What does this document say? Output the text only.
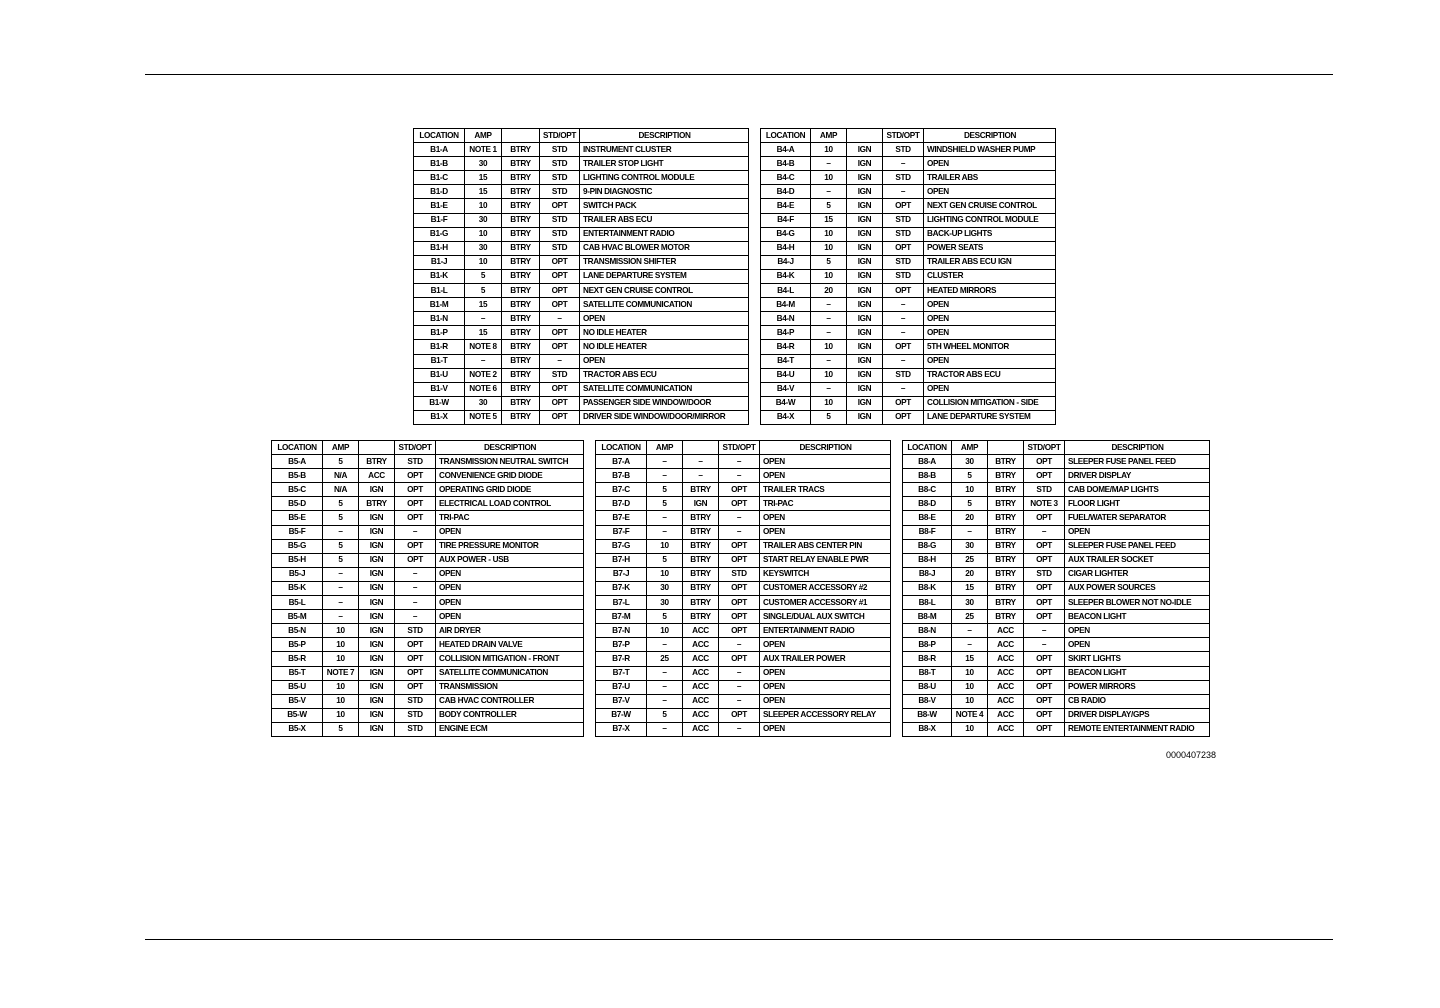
LOCATION	AMP		STD/OPT	DESCRIPTION
B1-A	NOTE 1	BTRY	STD	INSTRUMENT CLUSTER
B1-B	30	BTRY	STD	TRAILER STOP LIGHT
B1-C	15	BTRY	STD	LIGHTING CONTROL MODULE
B1-D	15	BTRY	STD	9-PIN DIAGNOSTIC
B1-E	10	BTRY	OPT	SWITCH PACK
B1-F	30	BTRY	STD	TRAILER ABS ECU
B1-G	10	BTRY	STD	ENTERTAINMENT RADIO
B1-H	30	BTRY	STD	CAB HVAC BLOWER MOTOR
B1-J	10	BTRY	OPT	TRANSMISSION SHIFTER
B1-K	5	BTRY	OPT	LANE DEPARTURE SYSTEM
B1-L	5	BTRY	OPT	NEXT GEN CRUISE CONTROL
B1-M	15	BTRY	OPT	SATELLITE COMMUNICATION
B1-N	–	BTRY	–	OPEN
B1-P	15	BTRY	OPT	NO IDLE HEATER
B1-R	NOTE 8	BTRY	OPT	NO IDLE HEATER
B1-T	–	BTRY	–	OPEN
B1-U	NOTE 2	BTRY	STD	TRACTOR ABS ECU
B1-V	NOTE 6	BTRY	OPT	SATELLITE COMMUNICATION
B1-W	30	BTRY	OPT	PASSENGER SIDE WINDOW/DOOR
B1-X	NOTE 5	BTRY	OPT	DRIVER SIDE WINDOW/DOOR/MIRROR
LOCATION	AMP		STD/OPT	DESCRIPTION
B4-A	10	IGN	STD	WINDSHIELD WASHER PUMP
B4-B	–	IGN	–	OPEN
B4-C	10	IGN	STD	TRAILER ABS
B4-D	–	IGN	–	OPEN
B4-E	5	IGN	OPT	NEXT GEN CRUISE CONTROL
B4-F	15	IGN	STD	LIGHTING CONTROL MODULE
B4-G	10	IGN	STD	BACK-UP LIGHTS
B4-H	10	IGN	OPT	POWER SEATS
B4-J	5	IGN	STD	TRAILER ABS ECU IGN
B4-K	10	IGN	STD	CLUSTER
B4-L	20	IGN	OPT	HEATED MIRRORS
B4-M	–	IGN	–	OPEN
B4-N	–	IGN	–	OPEN
B4-P	–	IGN	–	OPEN
B4-R	10	IGN	OPT	5TH WHEEL MONITOR
B4-T	–	IGN	–	OPEN
B4-U	10	IGN	STD	TRACTOR ABS ECU
B4-V	–	IGN	–	OPEN
B4-W	10	IGN	OPT	COLLISION MITIGATION - SIDE
B4-X	5	IGN	OPT	LANE DEPARTURE SYSTEM
LOCATION	AMP		STD/OPT	DESCRIPTION
B5-A	5	BTRY	STD	TRANSMISSION NEUTRAL SWITCH
B5-B	N/A	ACC	OPT	CONVENIENCE GRID DIODE
B5-C	N/A	IGN	OPT	OPERATING GRID DIODE
B5-D	5	BTRY	OPT	ELECTRICAL LOAD CONTROL
B5-E	5	IGN	OPT	TRI-PAC
B5-F	–	IGN	–	OPEN
B5-G	5	IGN	OPT	TIRE PRESSURE MONITOR
B5-H	5	IGN	OPT	AUX POWER - USB
B5-J	–	IGN	–	OPEN
B5-K	–	IGN	–	OPEN
B5-L	–	IGN	–	OPEN
B5-M	–	IGN	–	OPEN
B5-N	10	IGN	STD	AIR DRYER
B5-P	10	IGN	OPT	HEATED DRAIN VALVE
B5-R	10	IGN	OPT	COLLISION MITIGATION - FRONT
B5-T	NOTE 7	IGN	OPT	SATELLITE COMMUNICATION
B5-U	10	IGN	OPT	TRANSMISSION
B5-V	10	IGN	STD	CAB HVAC CONTROLLER
B5-W	10	IGN	STD	BODY CONTROLLER
B5-X	5	IGN	STD	ENGINE ECM
LOCATION	AMP		STD/OPT	DESCRIPTION
B7-A	–	–	–	OPEN
B7-B	–	–	–	OPEN
B7-C	5	BTRY	OPT	TRAILER TRACS
B7-D	5	IGN	OPT	TRI-PAC
B7-E	–	BTRY	–	OPEN
B7-F	–	BTRY	–	OPEN
B7-G	10	BTRY	OPT	TRAILER ABS CENTER PIN
B7-H	5	BTRY	OPT	START RELAY ENABLE PWR
B7-J	10	BTRY	STD	KEYSWITCH
B7-K	30	BTRY	OPT	CUSTOMER ACCESSORY #2
B7-L	30	BTRY	OPT	CUSTOMER ACCESSORY #1
B7-M	5	BTRY	OPT	SINGLE/DUAL AUX SWITCH
B7-N	10	ACC	OPT	ENTERTAINMENT RADIO
B7-P	–	ACC	–	OPEN
B7-R	25	ACC	OPT	AUX TRAILER POWER
B7-T	–	ACC	–	OPEN
B7-U	–	ACC	–	OPEN
B7-V	–	ACC	–	OPEN
B7-W	5	ACC	OPT	SLEEPER ACCESSORY RELAY
B7-X	–	ACC	–	OPEN
LOCATION	AMP		STD/OPT	DESCRIPTION
B8-A	30	BTRY	OPT	SLEEPER FUSE PANEL FEED
B8-B	5	BTRY	OPT	DRIVER DISPLAY
B8-C	10	BTRY	STD	CAB DOME/MAP LIGHTS
B8-D	5	BTRY	NOTE 3	FLOOR LIGHT
B8-E	20	BTRY	OPT	FUEL/WATER SEPARATOR
B8-F	–	BTRY	–	OPEN
B8-G	30	BTRY	OPT	SLEEPER FUSE PANEL FEED
B8-H	25	BTRY	OPT	AUX TRAILER SOCKET
B8-J	20	BTRY	STD	CIGAR LIGHTER
B8-K	15	BTRY	OPT	AUX POWER SOURCES
B8-L	30	BTRY	OPT	SLEEPER BLOWER NOT NO-IDLE
B8-M	25	BTRY	OPT	BEACON LIGHT
B8-N	–	ACC	–	OPEN
B8-P	–	ACC	–	OPEN
B8-R	15	ACC	OPT	SKIRT LIGHTS
B8-T	10	ACC	OPT	BEACON LIGHT
B8-U	10	ACC	OPT	POWER MIRRORS
B8-V	10	ACC	OPT	CB RADIO
B8-W	NOTE 4	ACC	OPT	DRIVER DISPLAY/GPS
B8-X	10	ACC	OPT	REMOTE ENTERTAINMENT RADIO
0000407238
